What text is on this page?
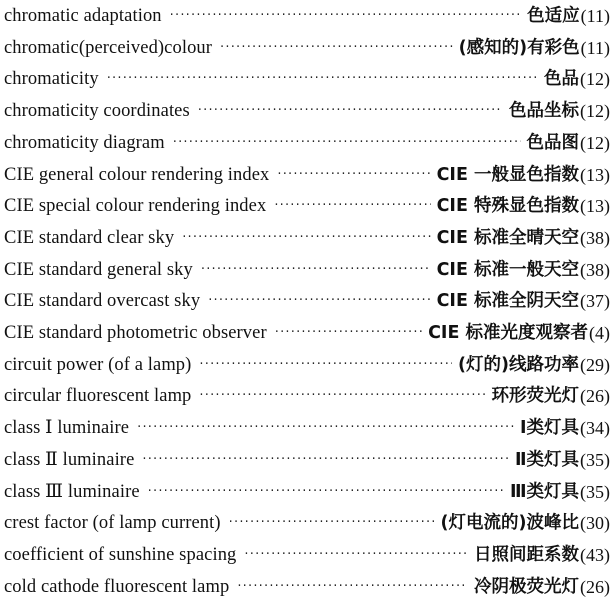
chromatic adaptation ·····	色适应 (11)
chromatic(perceived)colour ·····	(感知的)有彩色 (11)
chromaticity ·····	色品 (12)
chromaticity coordinates ·····	色品坐标 (12)
chromaticity diagram ·····	色品图 (12)
CIE general colour rendering index ·····	CIE 一般显色指数 (13)
CIE special colour rendering index ·····	CIE 特殊显色指数 (13)
CIE standard clear sky ·····	CIE 标准全晴天空 (38)
CIE standard general sky ·····	CIE 标准一般天空 (38)
CIE standard overcast sky ·····	CIE 标准全阴天空 (37)
CIE standard photometric observer ·····	CIE 标准光度观察者 (4)
circuit power (of a lamp) ·····	(灯的)线路功率 (29)
circular fluorescent lamp ·····	环形荧光灯 (26)
class Ⅰ luminaire ·····	Ⅰ类灯具 (34)
class Ⅱ luminaire ·····	Ⅱ类灯具 (35)
class Ⅲ luminaire ·····	Ⅲ类灯具 (35)
crest factor (of lamp current) ·····	(灯电流的)波峰比 (30)
coefficient of sunshine spacing ·····	日照间距系数 (43)
cold cathode fluorescent lamp ·····	冷阴极荧光灯 (26)
